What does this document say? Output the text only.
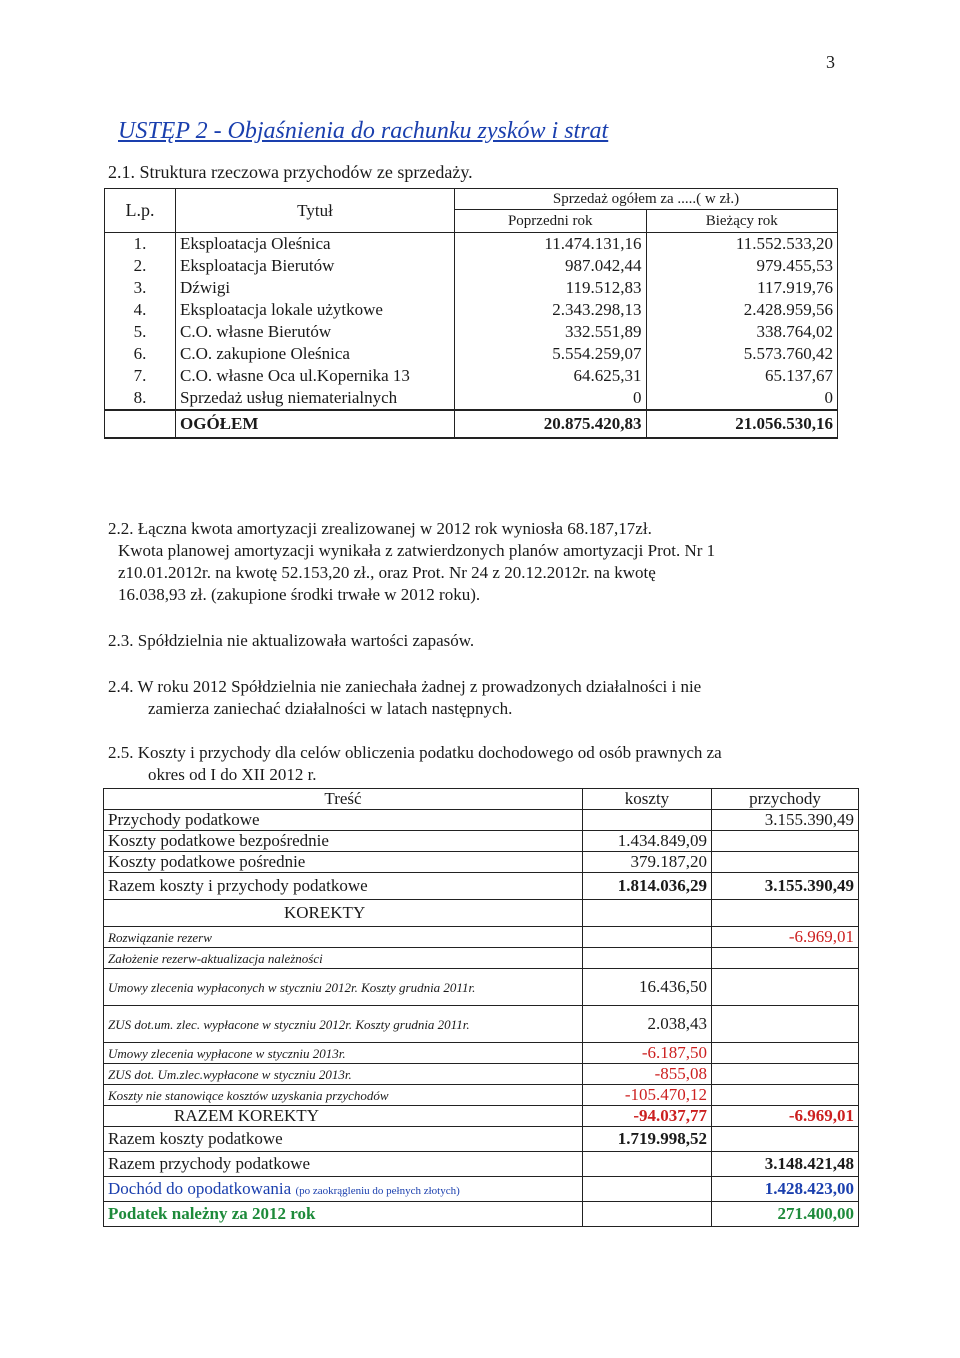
3
USTĘP 2 - Objaśnienia do rachunku zysków i strat
2.1. Struktura rzeczowa przychodów ze sprzedaży.
L.p.	Tytuł	Sprzedaż ogółem za .....( w zł.)	
		Poprzedni rok	Bieżący rok
1.	Eksploatacja Oleśnica	11.474.131,16	11.552.533,20
2.	Eksploatacja Bierutów	987.042,44	979.455,53
3.	Dźwigi	119.512,83	117.919,76
4.	Eksploatacja lokale użytkowe	2.343.298,13	2.428.959,56
5.	C.O. własne Bierutów	332.551,89	338.764,02
6.	C.O. zakupione Oleśnica	5.554.259,07	5.573.760,42
7.	C.O. własne Oca ul.Kopernika 13	64.625,31	65.137,67
8.	Sprzedaż usług niematerialnych	0	0
	OGÓŁEM	20.875.420,83	21.056.530,16
2.2. Łączna kwota amortyzacji zrealizowanej w 2012 rok wyniosła 68.187,17zł.
Kwota planowej amortyzacji wynikała z zatwierdzonych planów amortyzacji Prot. Nr 1
z10.01.2012r. na kwotę 52.153,20 zł., oraz Prot. Nr 24 z 20.12.2012r. na kwotę
16.038,93 zł. (zakupione środki trwałe w 2012 roku).
2.3. Spółdzielnia nie aktualizowała wartości zapasów.
2.4. W roku 2012 Spółdzielnia nie zaniechała żadnej z prowadzonych działalności i nie
zamierza zaniechać działalności w latach następnych.
2.5. Koszty i przychody dla celów obliczenia podatku dochodowego od osób prawnych za
okres od I do XII 2012 r.
Treść	koszty	przychody
Przychody podatkowe		3.155.390,49
Koszty podatkowe bezpośrednie	1.434.849,09	
Koszty podatkowe pośrednie	379.187,20	
Razem koszty i przychody podatkowe	1.814.036,29	3.155.390,49
KOREKTY		
Rozwiązanie rezerw		-6.969,01
Założenie rezerw-aktualizacja należności		
Umowy zlecenia wypłaconych w styczniu 2012r. Koszty grudnia 2011r.	16.436,50	
ZUS dot.um. zlec. wypłacone w styczniu 2012r. Koszty grudnia 2011r.	2.038,43	
Umowy zlecenia wypłacone w styczniu 2013r.	-6.187,50	
ZUS dot. Um.zlec.wypłacone w styczniu 2013r.	-855,08	
Koszty nie stanowiące kosztów uzyskania przychodów	-105.470,12	
RAZEM KOREKTY	-94.037,77	-6.969,01
Razem koszty podatkowe	1.719.998,52	
Razem przychody podatkowe		3.148.421,48
Dochód do opodatkowania (po zaokrągleniu do pełnych złotych)		1.428.423,00
Podatek należny za 2012 rok		271.400,00
